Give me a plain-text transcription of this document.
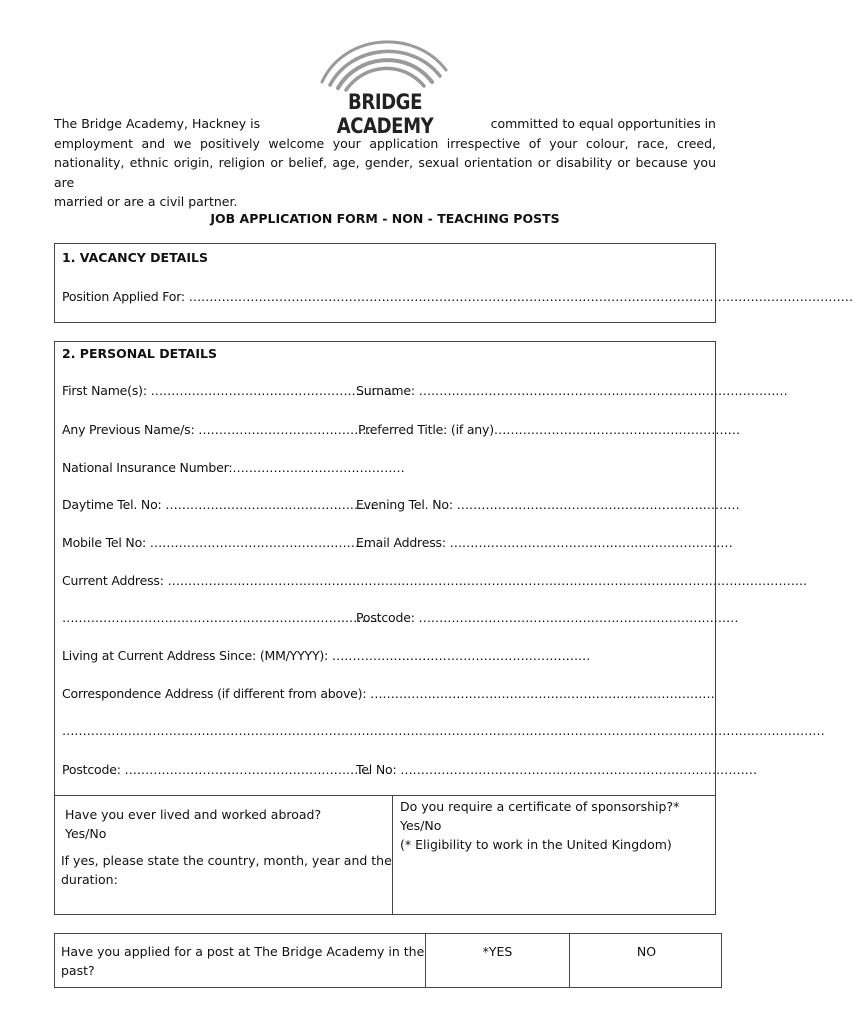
BRIDGE ACADEMY
The Bridge Academy, Hackney is	committed to equal opportunities in
employment and we positively welcome your application irrespective of your colour, race, creed,
nationality, ethnic origin, religion or belief, age, gender, sexual orientation or disability or because you are
married or are a civil partner.
JOB APPLICATION FORM - NON - TEACHING POSTS
1. VACANCY DETAILS
Position Applied For: ………………………………………………………………………………………………………………………………………………
2. PERSONAL DETAILS
First Name(s): ……………………………………………………
Surname: ………………………………………………………………………………
Any Previous Name/s: ……………………………………
Preferred Title: (if any)……………………………………………………
National Insurance Number:……………………………………
Daytime Tel. No: ……………………………………………
Evening Tel. No: ……………………………………………………………
Mobile Tel No: ………………………………………………
Email Address: ……………………………………………………………
Current Address: …………………………………………………………………………………………………………………………………………
……………………………………………………………………
Postcode: ……………………………………………………………………
Living at Current Address Since: (MM/YYYY): ………………………………………………………
Correspondence Address (if different from above): …………………………………………………………………………
……………………………………………………………………………………………………………………………………………………………………
Postcode: ……………………………………………………
Tel No: ……………………………………………………………………………
Have you ever lived and worked abroad?
Yes/No
If yes, please state the country, month, year and the
duration:
Do you require a certificate of sponsorship?*
Yes/No
(* Eligibility to work in the United Kingdom)
Have you applied for a post at The Bridge Academy in the
past?
*YES	NO
